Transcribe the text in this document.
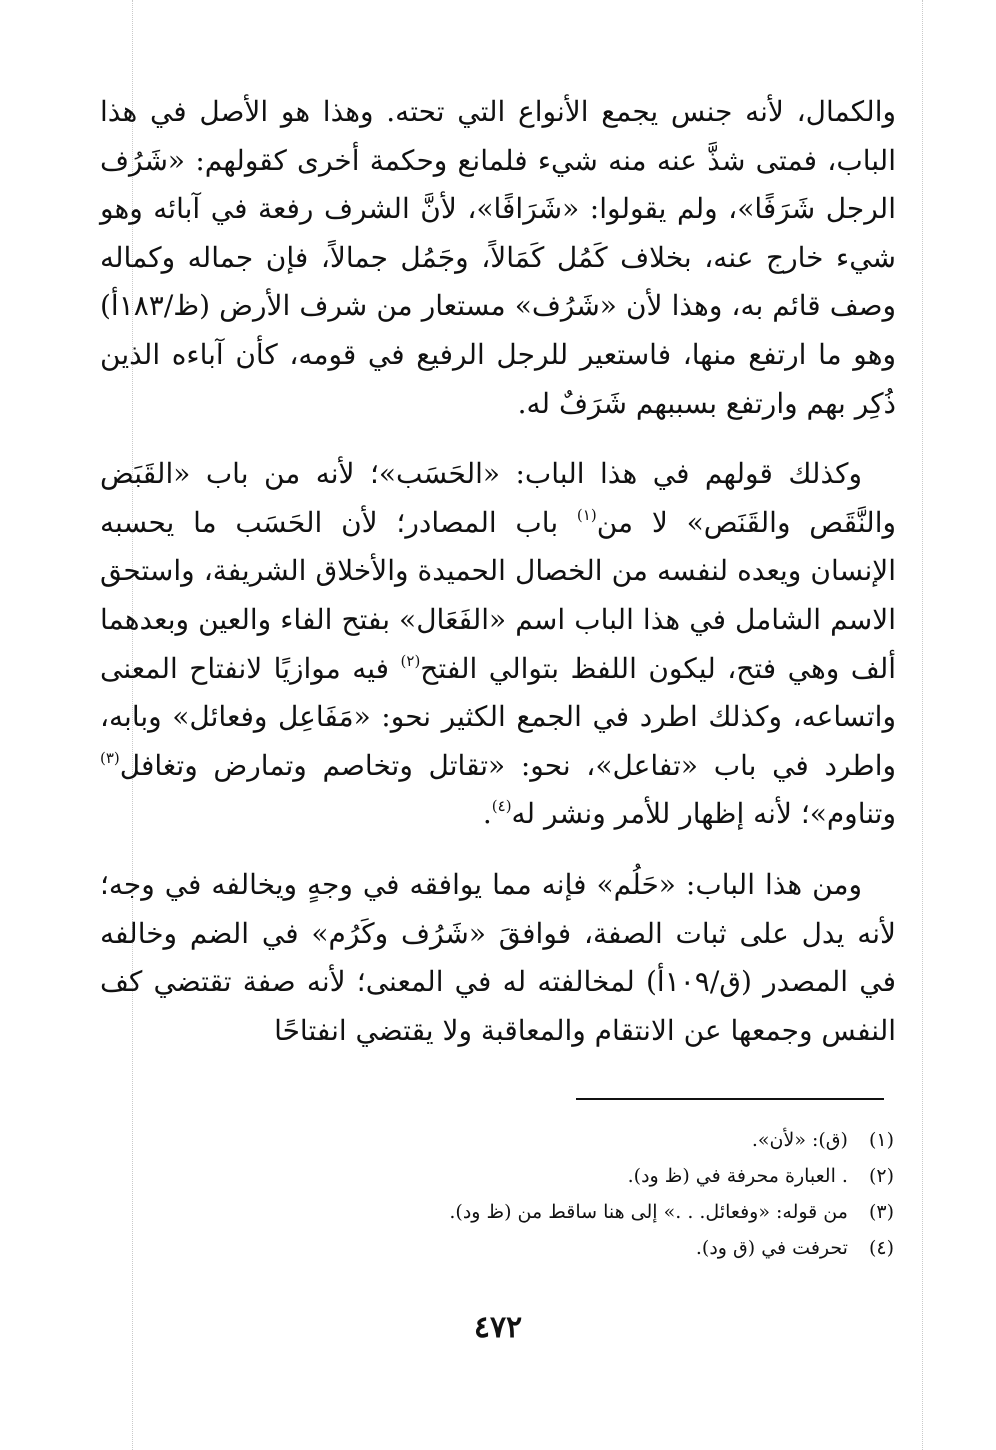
والكمال، لأنه جنس يجمع الأنواع التي تحته. وهذا هو الأصل في هذا الباب، فمتى شذَّ عنه منه شيء فلمانع وحكمة أخرى كقولهم: «شَرُف الرجل شَرَفًا»، ولم يقولوا: «شَرَافًا»، لأنَّ الشرف رفعة في آبائه وهو شيء خارج عنه، بخلاف كَمُل كَمَالاً، وجَمُل جمالاً، فإن جماله وكماله وصف قائم به، وهذا لأن «شَرُف» مستعار من شرف الأرض (ظ/١٨٣أ) وهو ما ارتفع منها، فاستعير للرجل الرفيع في قومه، كأن آباءه الذين ذُكِر بهم وارتفع بسببهم شَرَفٌ له.

وكذلك قولهم في هذا الباب: «الحَسَب»؛ لأنه من باب «القَبَض والنَّقَص والقَنَص» لا من$^{(١)}$ باب المصادر؛ لأن الحَسَب ما يحسبه الإنسان ويعده لنفسه من الخصال الحميدة والأخلاق الشريفة، واستحق الاسم الشامل في هذا الباب اسم «الفَعَال» بفتح الفاء والعين وبعدهما ألف وهي فتح، ليكون اللفظ بتوالي الفتح$^{(٢)}$ فيه موازيًا لانفتاح المعنى واتساعه، وكذلك اطرد في الجمع الكثير نحو: «مَفَاعِل وفعائل» وبابه، واطرد في باب «تفاعل»، نحو: «تقاتل وتخاصم وتمارض وتغافل$^{(٣)}$ وتناوم»؛ لأنه إظهار للأمر ونشر له$^{(٤)}$.

ومن هذا الباب: «حَلُم» فإنه مما يوافقه في وجهٍ ويخالفه في وجه؛ لأنه يدل على ثبات الصفة، فوافقَ «شَرُف وكَرُم» في الضم وخالفه في المصدر (ق/١٠٩أ) لمخالفته له في المعنى؛ لأنه صفة تقتضي كف النفس وجمعها عن الانتقام والمعاقبة ولا يقتضي انفتاحًا

(١) (ق): «لأن».

(٢) . العبارة محرفة في (ظ ود).

(٣) من قوله: «وفعائل. . .» إلى هنا ساقط من (ظ ود).

(٤) تحرفت في (ق ود).

٤٧٢
